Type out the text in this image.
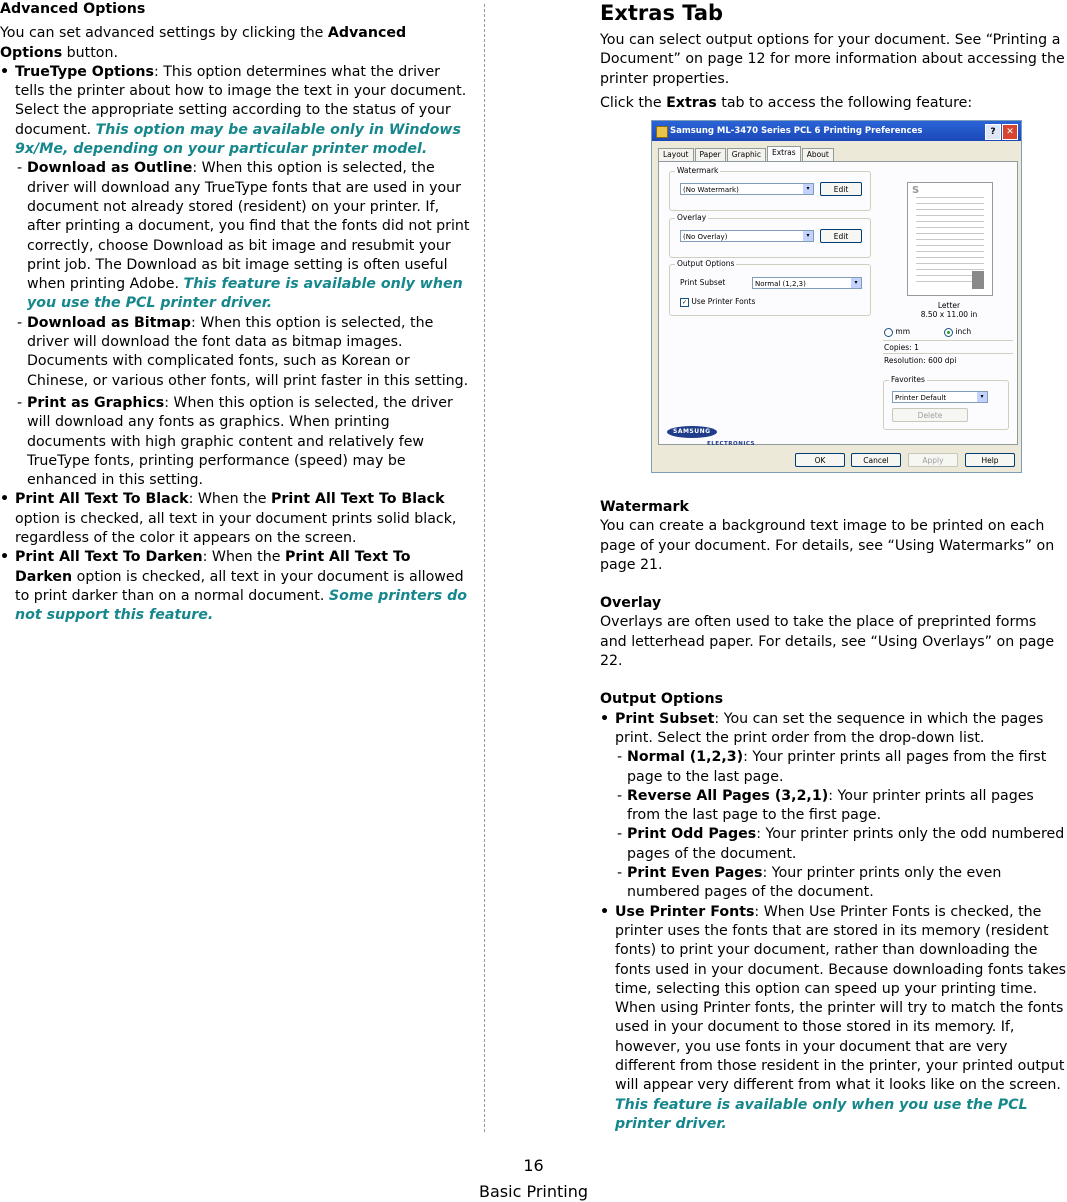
Advanced Options

You can set advanced settings by clicking the Advanced Options button.

• TrueType Options: This option determines what the driver tells the printer about how to image the text in your document. Select the appropriate setting according to the status of your document. This option may be available only in Windows 9x/Me, depending on your particular printer model.

- Download as Outline: When this option is selected, the driver will download any TrueType fonts that are used in your document not already stored (resident) on your printer. If, after printing a document, you find that the fonts did not print correctly, choose Download as bit image and resubmit your print job. The Download as bit image setting is often useful when printing Adobe. This feature is available only when you use the PCL printer driver.

- Download as Bitmap: When this option is selected, the driver will download the font data as bitmap images. Documents with complicated fonts, such as Korean or Chinese, or various other fonts, will print faster in this setting.

- Print as Graphics: When this option is selected, the driver will download any fonts as graphics. When printing documents with high graphic content and relatively few TrueType fonts, printing performance (speed) may be enhanced in this setting.

• Print All Text To Black: When the Print All Text To Black option is checked, all text in your document prints solid black, regardless of the color it appears on the screen.

• Print All Text To Darken: When the Print All Text To Darken option is checked, all text in your document is allowed to print darker than on a normal document. Some printers do not support this feature.

Extras Tab

You can select output options for your document. See “Printing a Document” on page 12 for more information about accessing the printer properties.

Click the Extras tab to access the following feature:

Watermark

You can create a background text image to be printed on each page of your document. For details, see “Using Watermarks” on page 21.

Overlay

Overlays are often used to take the place of preprinted forms and letterhead paper. For details, see “Using Overlays” on page 22.

Output Options

• Print Subset: You can set the sequence in which the pages print. Select the print order from the drop-down list.

- Normal (1,2,3): Your printer prints all pages from the first page to the last page.

- Reverse All Pages (3,2,1): Your printer prints all pages from the last page to the first page.

- Print Odd Pages: Your printer prints only the odd numbered pages of the document.

- Print Even Pages: Your printer prints only the even numbered pages of the document.

• Use Printer Fonts: When Use Printer Fonts is checked, the printer uses the fonts that are stored in its memory (resident fonts) to print your document, rather than downloading the fonts used in your document. Because downloading fonts takes time, selecting this option can speed up your printing time. When using Printer fonts, the printer will try to match the fonts used in your document to those stored in its memory. If, however, you use fonts in your document that are very different from those resident in the printer, your printed output will appear very different from what it looks like on the screen. This feature is available only when you use the PCL printer driver.

Samsung ML-3470 Series PCL 6 Printing Preferences	?	✕
Layout Paper Graphic Extras About
Watermark
(No Watermark)	▾	Edit
Overlay
(No Overlay)	▾	Edit
Output Options
Print Subset	Normal (1,2,3)	▾
✓ Use Printer Fonts
S
Letter
8.50 x 11.00 in
mm	inch
Copies: 1
Resolution: 600 dpi
Favorites
Printer Default	▾
Delete
SAMSUNG
ELECTRONICS
OK	Cancel	Apply	Help
16
Basic Printing
